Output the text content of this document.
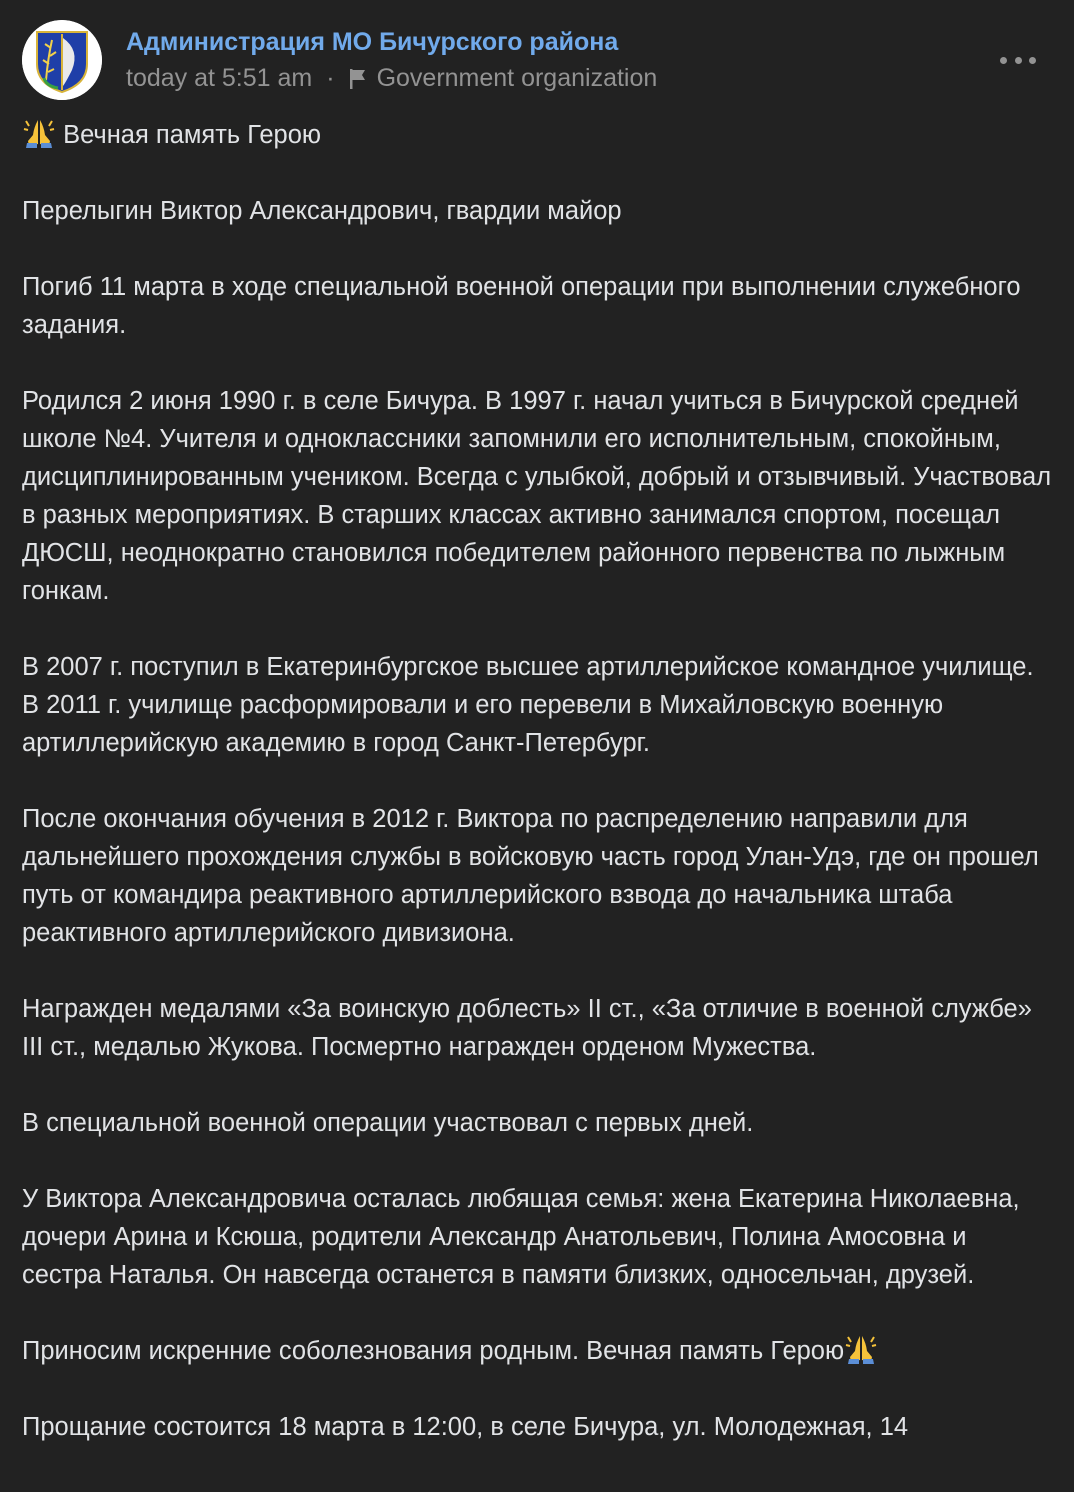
Администрация МО Бичурского района
today at 5:51 am · Government organization

Вечная память Герою

Перелыгин Виктор Александрович, гвардии майор

Погиб 11 марта в ходе специальной военной операции при выполнении служебного задания.

Родился 2 июня 1990 г. в селе Бичура. В 1997 г. начал учиться в Бичурской средней школе №4. Учителя и одноклассники запомнили его исполнительным, спокойным, дисциплинированным учеником. Всегда с улыбкой, добрый и отзывчивый. Участвовал в разных мероприятиях. В старших классах активно занимался спортом, посещал ДЮСШ, неоднократно становился победителем районного первенства по лыжным гонкам.

В 2007 г. поступил в Екатеринбургское высшее артиллерийское командное училище. В 2011 г. училище расформировали и его перевели в Михайловскую военную артиллерийскую академию в город Санкт-Петербург.

После окончания обучения в 2012 г. Виктора по распределению направили для дальнейшего прохождения службы в войсковую часть город Улан-Удэ, где он прошел путь от командира реактивного артиллерийского взвода до начальника штаба реактивного артиллерийского дивизиона.

Награжден медалями «За воинскую доблесть» II ст., «За отличие в военной службе» III ст., медалью Жукова. Посмертно награжден орденом Мужества.

В специальной военной операции участвовал с первых дней.

У Виктора Александровича осталась любящая семья: жена Екатерина Николаевна, дочери Арина и Ксюша, родители Александр Анатольевич, Полина Амосовна и сестра Наталья. Он навсегда останется в памяти близких, односельчан, друзей.

Приносим искренние соболезнования родным. Вечная память Герою

Прощание состоится 18 марта в 12:00, в селе Бичура, ул. Молодежная, 14
